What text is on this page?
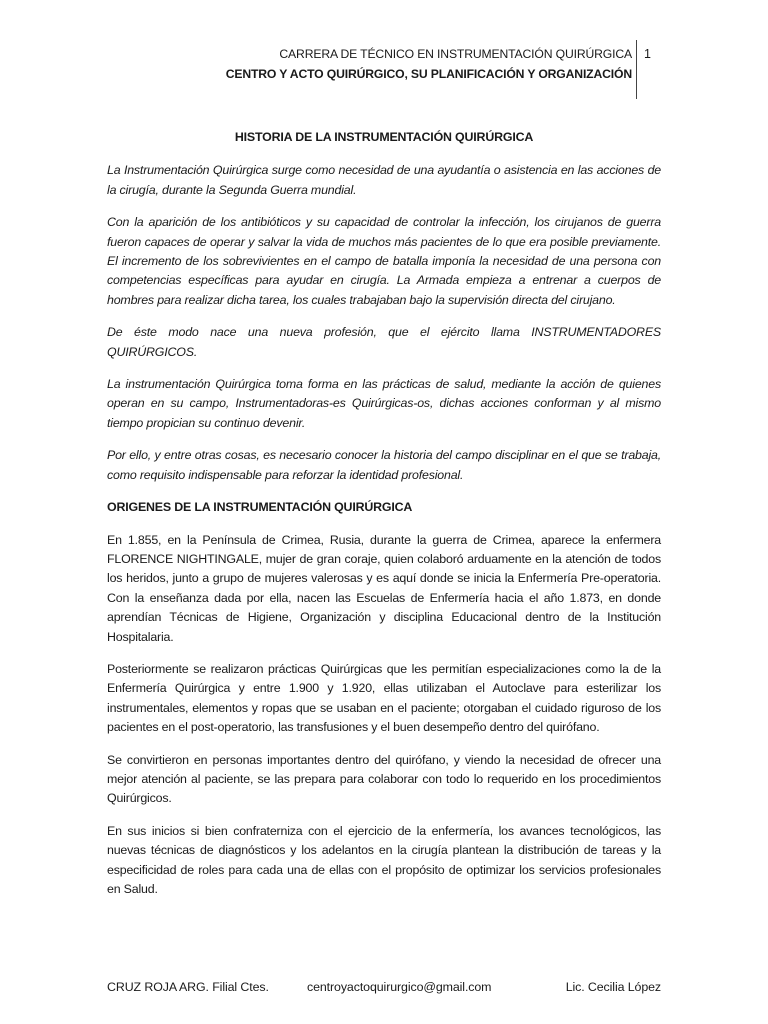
CARRERA DE TÉCNICO EN INSTRUMENTACIÓN QUIRÚRGICA
CENTRO Y ACTO QUIRÚRGICO, SU PLANIFICACIÓN Y ORGANIZACIÓN
1
HISTORIA DE LA INSTRUMENTACIÓN QUIRÚRGICA

La Instrumentación Quirúrgica surge como necesidad de una ayudantía o asistencia en las acciones de la cirugía, durante la Segunda Guerra mundial.

Con la aparición de los antibióticos y su capacidad de controlar la infección, los cirujanos de guerra fueron capaces de operar y salvar la vida de muchos más pacientes de lo que era posible previamente. El incremento de los sobrevivientes en el campo de batalla imponía la necesidad de una persona con competencias específicas para ayudar en cirugía. La Armada empieza a entrenar a cuerpos de hombres para realizar dicha tarea, los cuales trabajaban bajo la supervisión directa del cirujano.

De éste modo nace una nueva profesión, que el ejército llama INSTRUMENTADORES QUIRÚRGICOS.

La instrumentación Quirúrgica toma forma en las prácticas de salud, mediante la acción de quienes operan en su campo, Instrumentadoras-es Quirúrgicas-os, dichas acciones conforman y al mismo tiempo propician su continuo devenir.

Por ello, y entre otras cosas, es necesario conocer la historia del campo disciplinar en el que se trabaja, como requisito indispensable para reforzar la identidad profesional.

ORIGENES DE LA INSTRUMENTACIÓN QUIRÚRGICA

En 1.855, en la Península de Crimea, Rusia, durante la guerra de Crimea, aparece la enfermera FLORENCE NIGHTINGALE, mujer de gran coraje, quien colaboró arduamente en la atención de todos los heridos, junto a grupo de mujeres valerosas y es aquí donde se inicia la Enfermería Pre-operatoria. Con la enseñanza dada por ella, nacen las Escuelas de Enfermería hacia el año 1.873, en donde aprendían Técnicas de Higiene, Organización y disciplina Educacional dentro de la Institución Hospitalaria.

Posteriormente se realizaron prácticas Quirúrgicas que les permitían especializaciones como la de la Enfermería Quirúrgica y entre 1.900 y 1.920, ellas utilizaban el Autoclave para esterilizar los instrumentales, elementos y ropas que se usaban en el paciente; otorgaban el cuidado riguroso de los pacientes en el post-operatorio, las transfusiones y el buen desempeño dentro del quirófano.

Se convirtieron en personas importantes dentro del quirófano, y viendo la necesidad de ofrecer una mejor atención al paciente, se las prepara para colaborar con todo lo requerido en los procedimientos Quirúrgicos.

En sus inicios si bien confraterniza con el ejercicio de la enfermería, los avances tecnológicos, las nuevas técnicas de diagnósticos y los adelantos en la cirugía plantean la distribución de tareas y la especificidad de roles para cada una de ellas con el propósito de optimizar los servicios profesionales en Salud.

CRUZ ROJA ARG. Filial Ctes.	centroyactoquirurgico@gmail.com	Lic. Cecilia López
